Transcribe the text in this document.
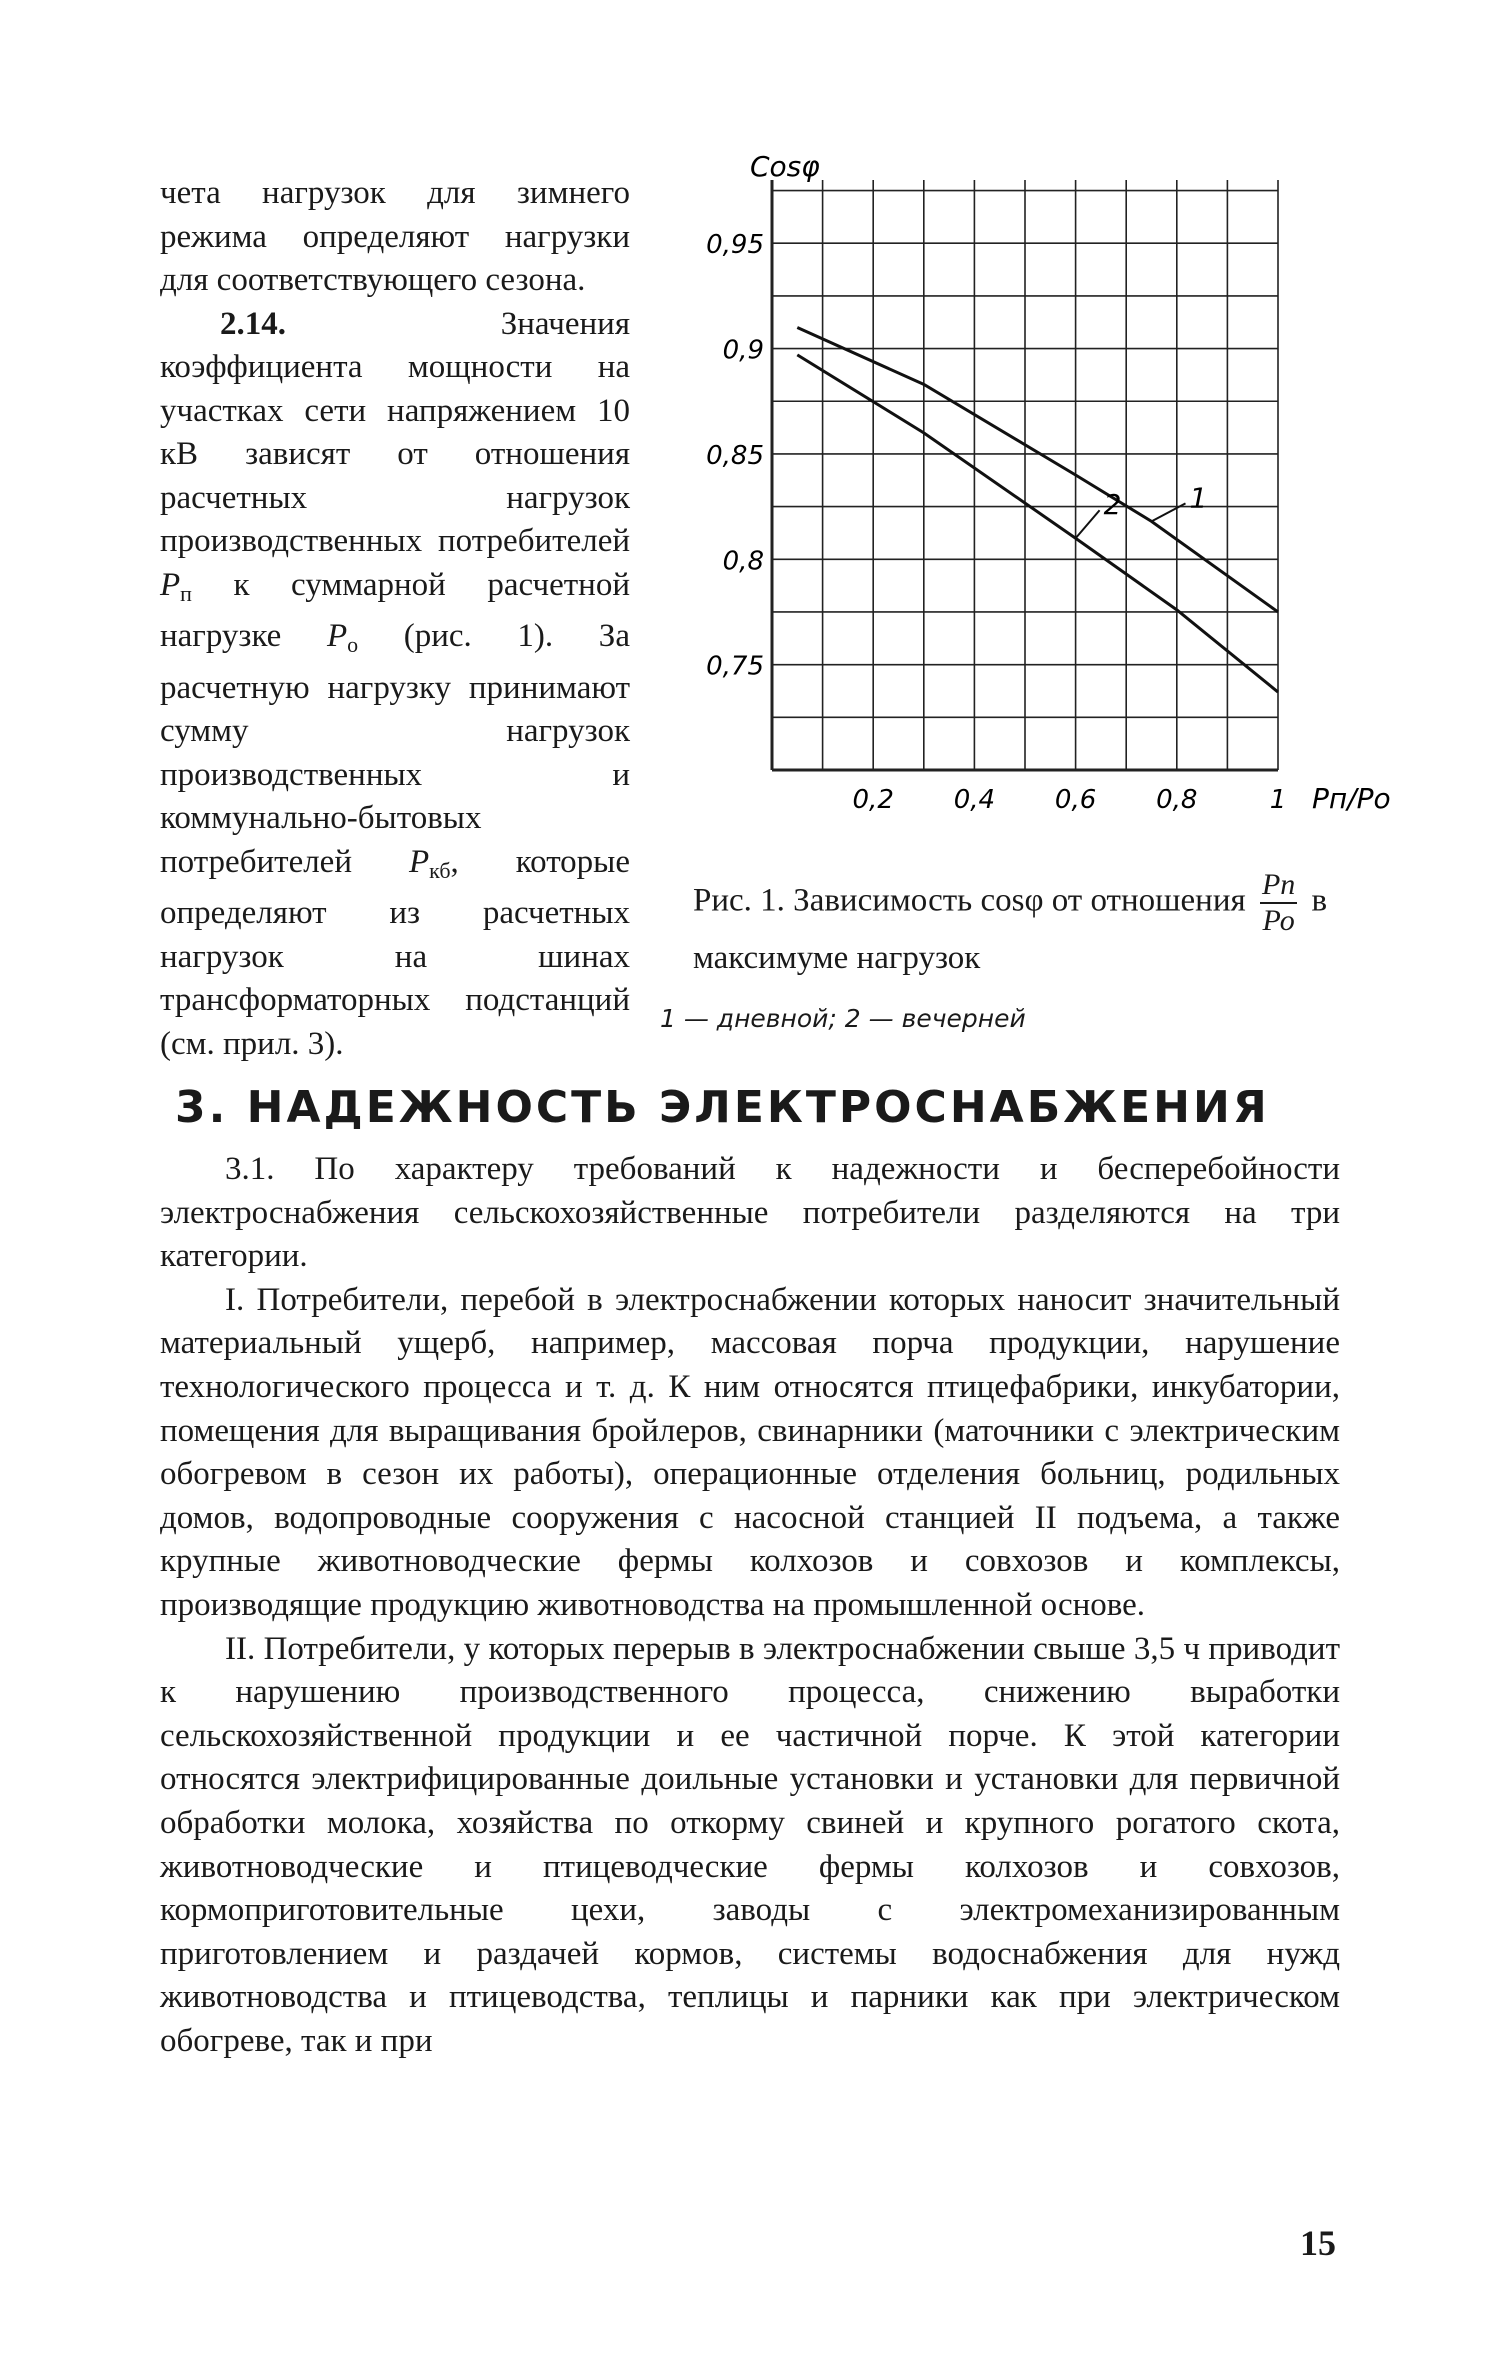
чета нагрузок для зимнего режима определяют нагрузки для соответствующего сезона.

2.14. Значения коэффициента мощности на участках сети напряжением 10 кВ зависят от отношения расчетных нагрузок производственных потребителей $Р_п$ к суммарной расчетной нагрузке $Р_о$ (рис. 1). За расчетную нагрузку принимают сумму нагрузок производственных и коммунально-бытовых потребителей $Р_{кб}$, которые определяют из расчетных нагрузок на шинах трансформаторных подстанций (см. прил. 3).

0,95
0,9
0,85
0,8
0,75
0,2 0,4 0,6 0,8	1
Cosφ
Pп/Po
1
2
Рис. 1. Зависимость cosφ от отношения $\frac{Рп}{Ро}$ в максимуме нагрузок
1 — дневной; 2 — вечерней
3. НАДЕЖНОСТЬ ЭЛЕКТРОСНАБЖЕНИЯ

3.1. По характеру требований к надежности и бесперебойности электроснабжения сельскохозяйственные потребители разделяются на три категории.

I. Потребители, перебой в электроснабжении которых наносит значительный материальный ущерб, например, массовая порча продукции, нарушение технологического процесса и т. д. К ним относятся птицефабрики, инкубатории, помещения для выращивания бройлеров, свинарники (маточники с электрическим обогревом в сезон их работы), операционные отделения больниц, родильных домов, водопроводные сооружения с насосной станцией II подъема, а также крупные животноводческие фермы колхозов и совхозов и комплексы, производящие продукцию животноводства на промышленной основе.

II. Потребители, у которых перерыв в электроснабжении свыше 3,5 ч приводит к нарушению производственного процесса, снижению выработки сельскохозяйственной продукции и ее частичной порче. К этой категории относятся электрифицированные доильные установки и установки для первичной обработки молока, хозяйства по откорму свиней и крупного рогатого скота, животноводческие и птицеводческие фермы колхозов и совхозов, кормоприготовительные цехи, заводы с электромеханизированным приготовлением и раздачей кормов, системы водоснабжения для нужд животноводства и птицеводства, теплицы и парники как при электрическом обогреве, так и при

15
